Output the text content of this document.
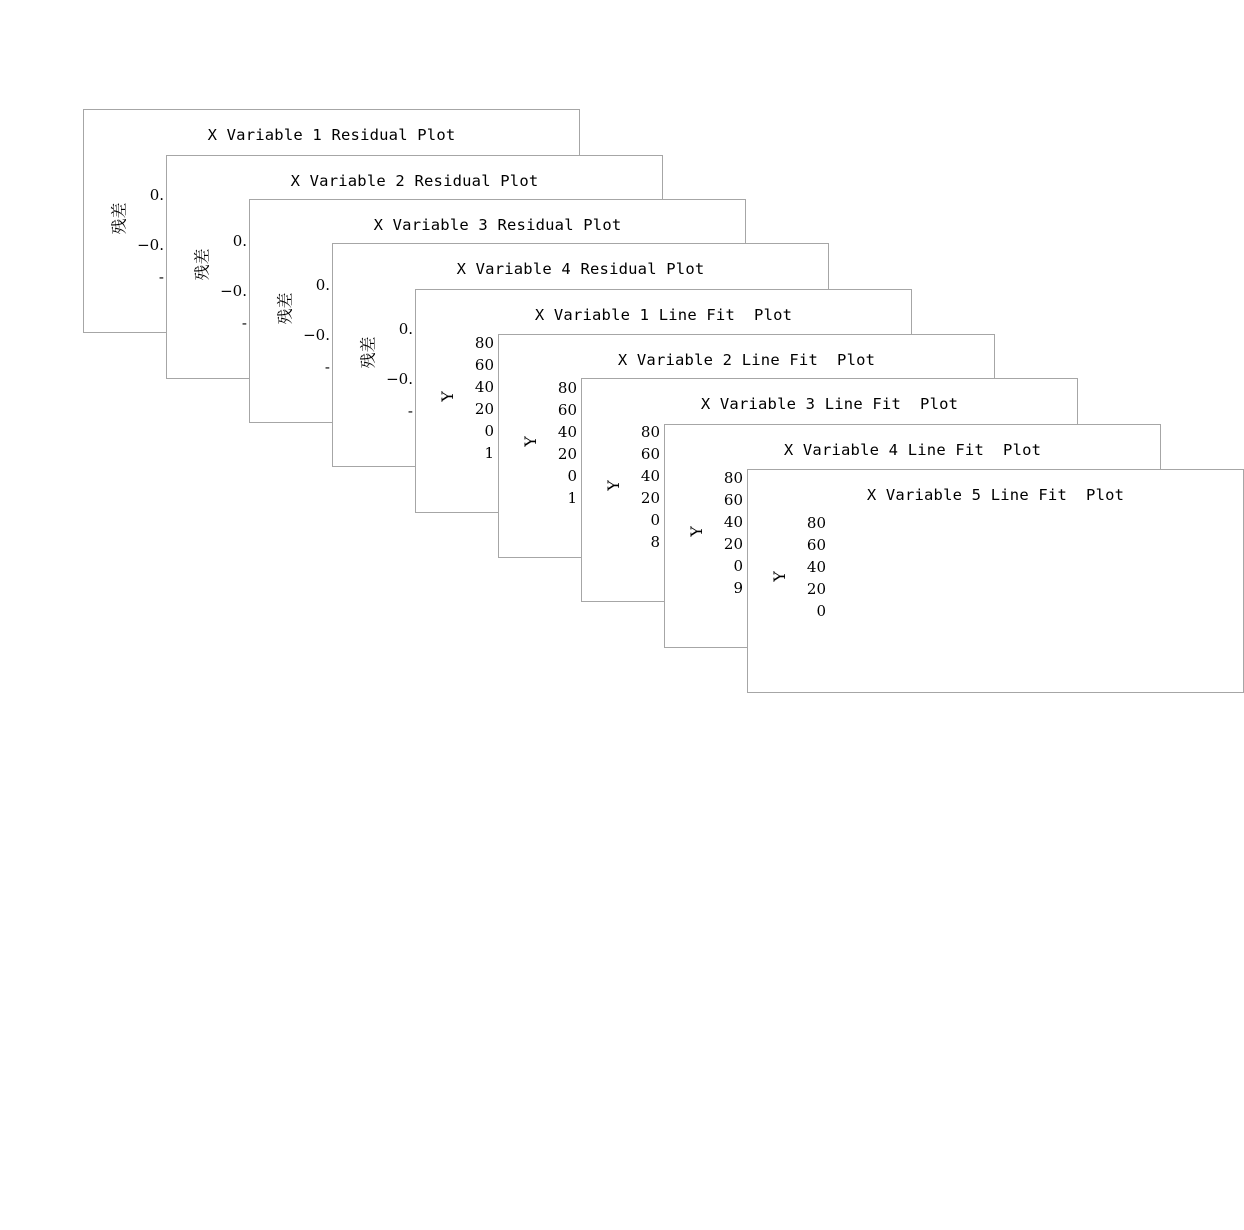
X Variable 1 Residual Plot
残差
0.
−0.
-
X Variable 2 Residual Plot
残差
0.
−0.
-
X Variable 3 Residual Plot
残差
0.
−0.
-
X Variable 4 Residual Plot
残差
0.
−0.
-
X Variable 1 Line Fit  Plot
Y
80
60
40
20
0
1
X Variable 2 Line Fit  Plot
Y
80
60
40
20
0
1
X Variable 3 Line Fit  Plot
Y
80
60
40
20
0
8
X Variable 4 Line Fit  Plot
Y
80
60
40
20
0
9
X Variable 5 Line Fit  Plot
Y
80
60
40
20
0
